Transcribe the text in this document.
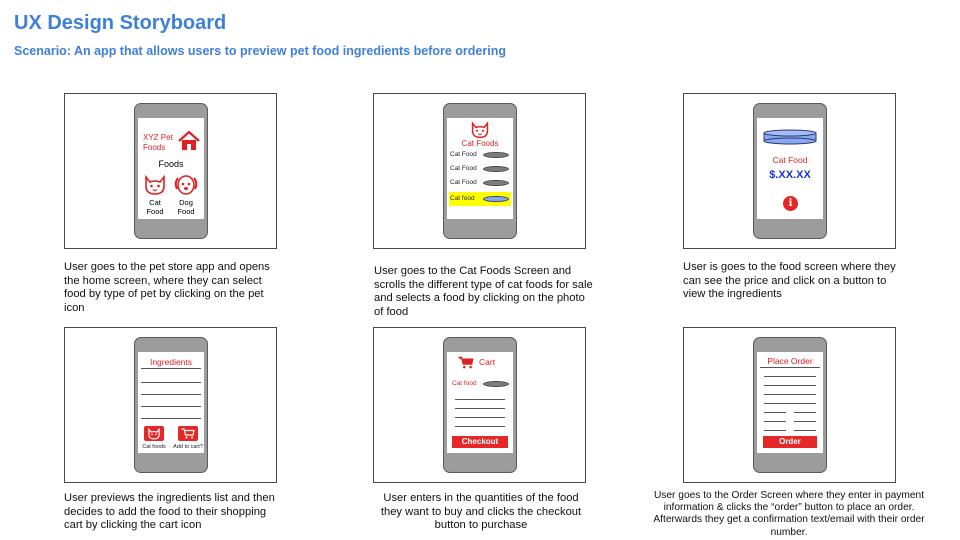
UX Design Storyboard
Scenario: An app that allows users to preview pet food ingredients before ordering
XYZ Pet
Foods
Foods
Cat
Food
Dog
Food
User goes to the pet store app and opens the home screen, where they can select food by type of pet by clicking on the pet icon
Cat Foods
Cat Food
Cat Food
Cat Food
Cat food
User goes to the Cat Foods Screen and scrolls the different type of cat foods for sale and selects a food by clicking on the photo of food
Cat Food
$.XX.XX
i
User is goes to the food screen where they can see the price and click on a button to view the ingredients
Ingredients
Cat foods	Add to cart?
User previews the ingredients list and then decides to add the food to their shopping cart by clicking the cart icon
Cart
Cat food
Checkout
User enters in the quantities of the food they want to buy and clicks the checkout button to purchase
Place Order
Order
User goes to the Order Screen where they enter in payment information & clicks the “order” button to place an order. Afterwards they get a confirmation text/email with their order number.
